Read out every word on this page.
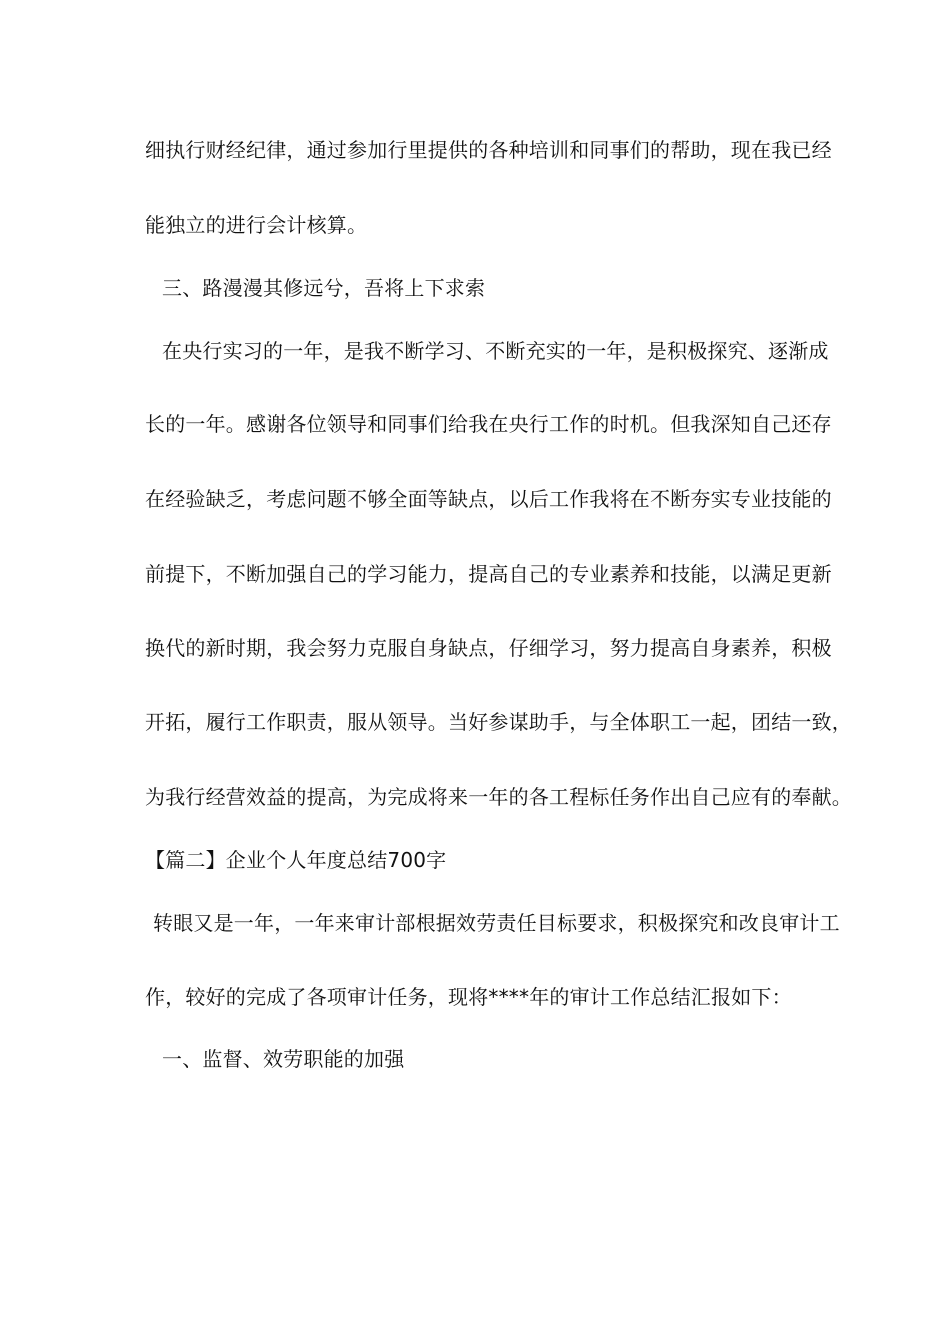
细执行财经纪律，通过参加行里提供的各种培训和同事们的帮助，现在我已经
能独立的进行会计核算。
三、路漫漫其修远兮，吾将上下求索
在央行实习的一年，是我不断学习、不断充实的一年，是积极探究、逐渐成
长的一年。感谢各位领导和同事们给我在央行工作的时机。但我深知自己还存
在经验缺乏，考虑问题不够全面等缺点，以后工作我将在不断夯实专业技能的
前提下，不断加强自己的学习能力，提高自己的专业素养和技能，以满足更新
换代的新时期，我会努力克服自身缺点，仔细学习，努力提高自身素养，积极
开拓，履行工作职责，服从领导。当好参谋助手，与全体职工一起，团结一致，
为我行经营效益的提高，为完成将来一年的各工程标任务作出自己应有的奉献。
【篇二】企业个人年度总结700字
转眼又是一年，一年来审计部根据效劳责任目标要求，积极探究和改良审计工
作，较好的完成了各项审计任务，现将****年的审计工作总结汇报如下：
一、监督、效劳职能的加强
